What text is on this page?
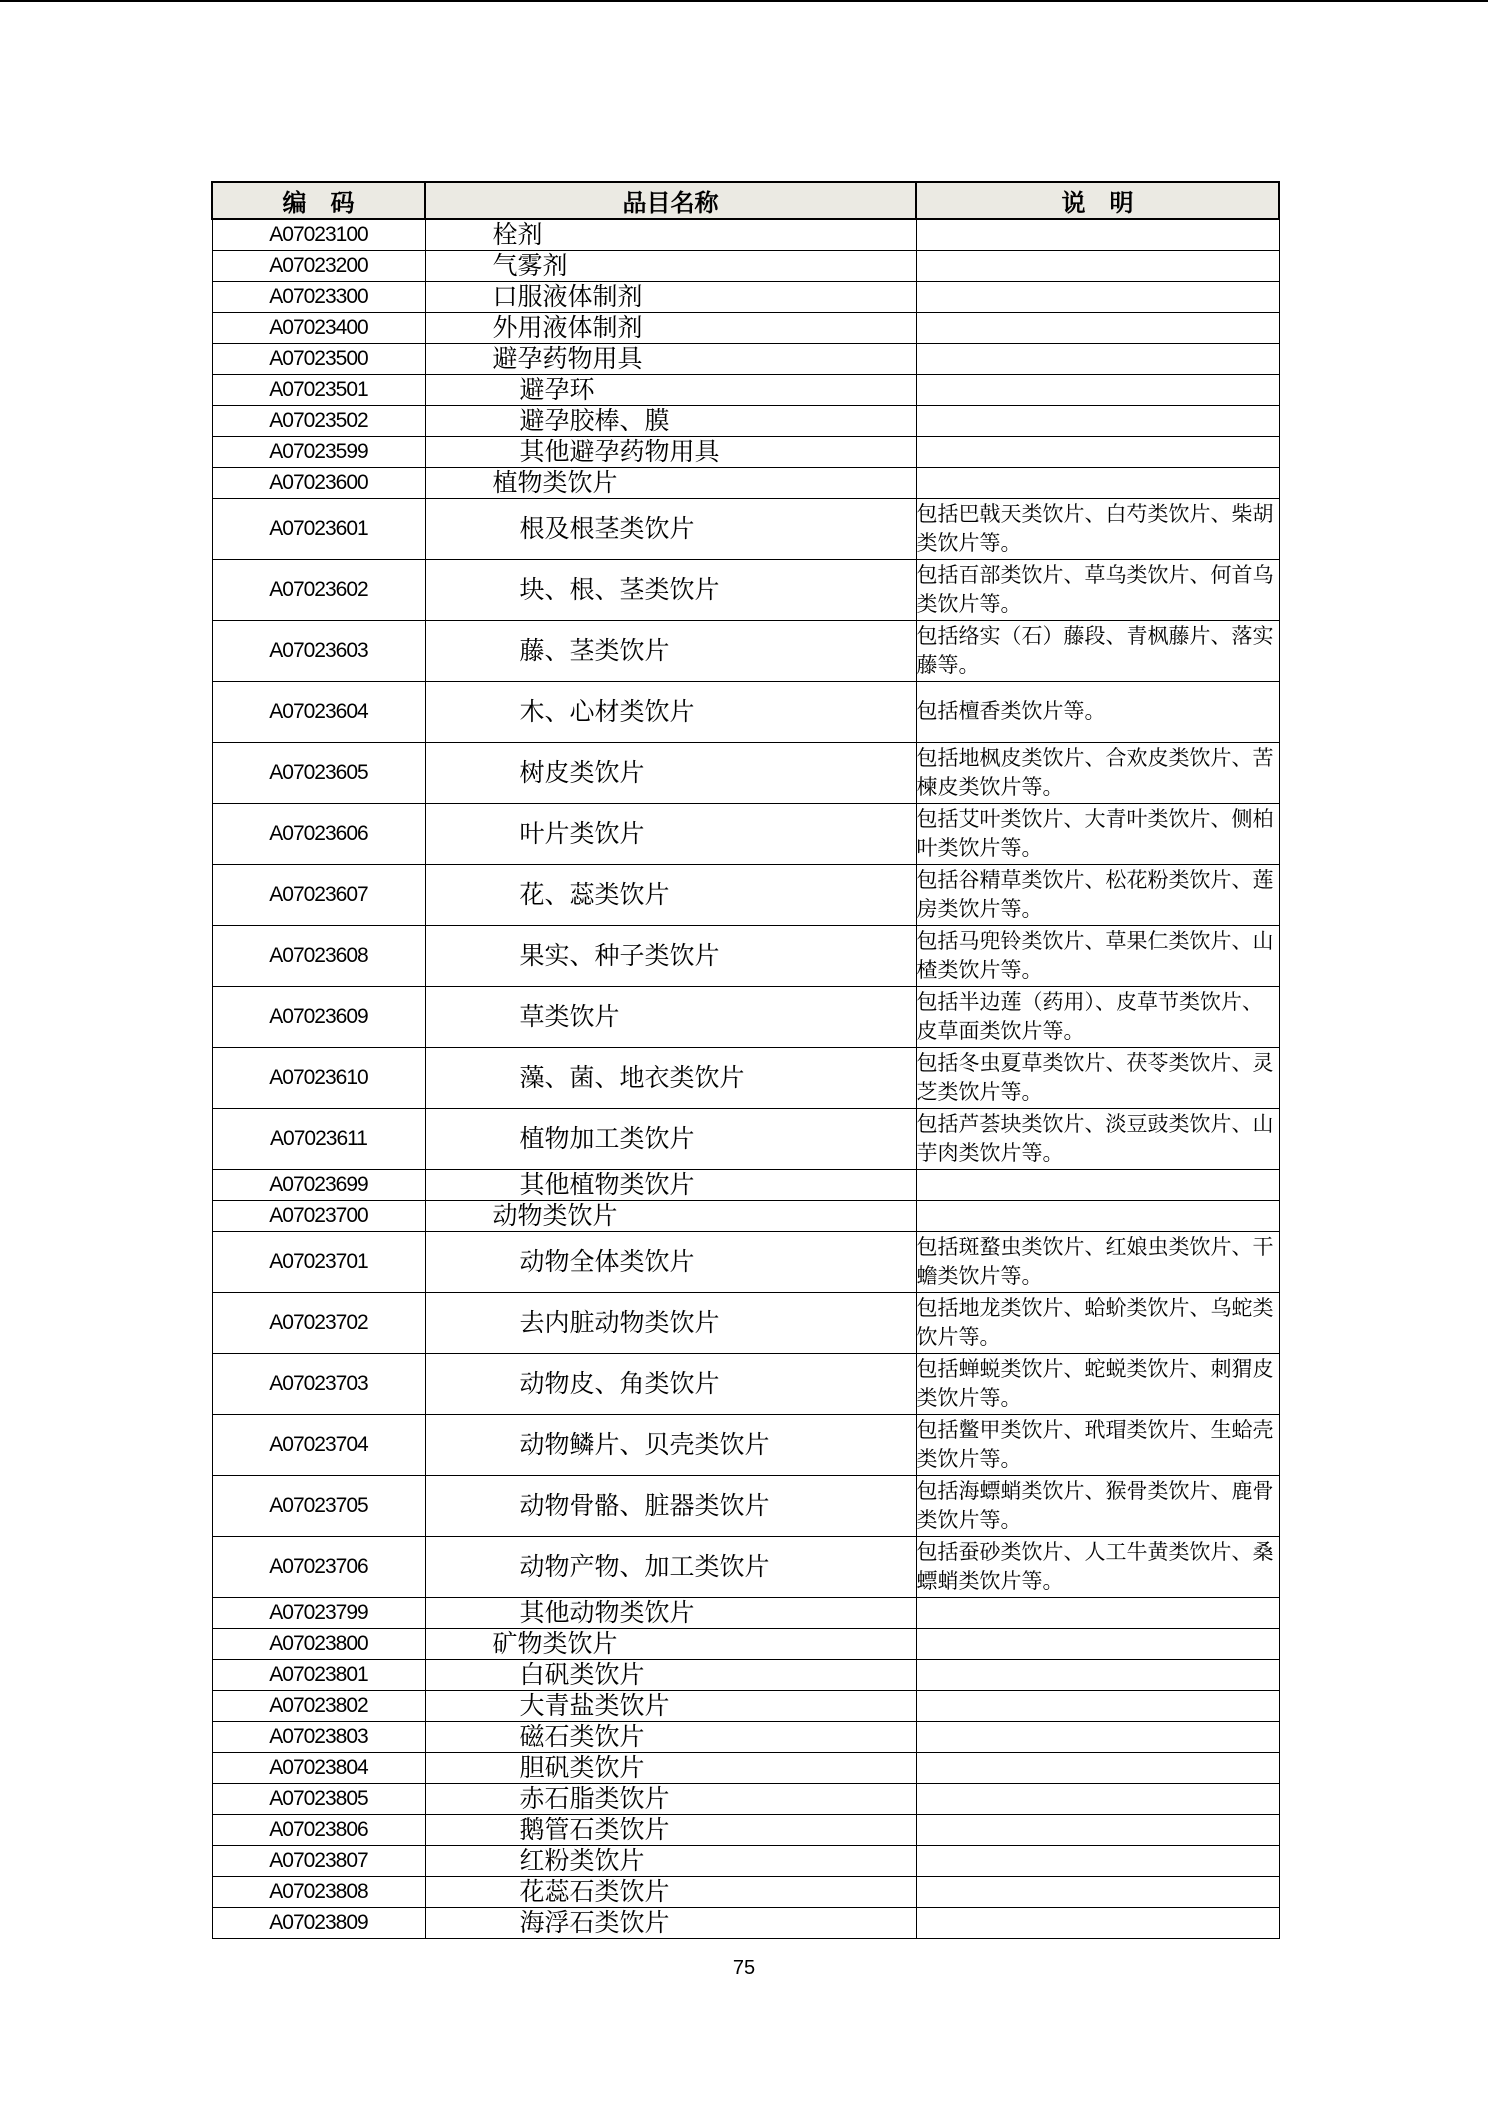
编　码	品目名称	说　明
A07023100	栓剂	
A07023200	气雾剂	
A07023300	口服液体制剂	
A07023400	外用液体制剂	
A07023500	避孕药物用具	
A07023501	避孕环	
A07023502	避孕胶棒、膜	
A07023599	其他避孕药物用具	
A07023600	植物类饮片	
A07023601	根及根茎类饮片	包括巴戟天类饮片、白芍类饮片、柴胡类饮片等。
A07023602	块、根、茎类饮片	包括百部类饮片、草乌类饮片、何首乌类饮片等。
A07023603	藤、茎类饮片	包括络实（石）藤段、青枫藤片、落实藤等。
A07023604	木、心材类饮片	包括檀香类饮片等。
A07023605	树皮类饮片	包括地枫皮类饮片、合欢皮类饮片、苦楝皮类饮片等。
A07023606	叶片类饮片	包括艾叶类饮片、大青叶类饮片、侧柏叶类饮片等。
A07023607	花、蕊类饮片	包括谷精草类饮片、松花粉类饮片、莲房类饮片等。
A07023608	果实、种子类饮片	包括马兜铃类饮片、草果仁类饮片、山楂类饮片等。
A07023609	草类饮片	包括半边莲（药用）、皮草节类饮片、皮草面类饮片等。
A07023610	藻、菌、地衣类饮片	包括冬虫夏草类饮片、茯苓类饮片、灵芝类饮片等。
A07023611	植物加工类饮片	包括芦荟块类饮片、淡豆豉类饮片、山芋肉类饮片等。
A07023699	其他植物类饮片	
A07023700	动物类饮片	
A07023701	动物全体类饮片	包括斑蝥虫类饮片、红娘虫类饮片、干蟾类饮片等。
A07023702	去内脏动物类饮片	包括地龙类饮片、蛤蚧类饮片、乌蛇类饮片等。
A07023703	动物皮、角类饮片	包括蝉蜕类饮片、蛇蜕类饮片、刺猬皮类饮片等。
A07023704	动物鳞片、贝壳类饮片	包括鳖甲类饮片、玳瑁类饮片、生蛤壳类饮片等。
A07023705	动物骨骼、脏器类饮片	包括海螵蛸类饮片、猴骨类饮片、鹿骨类饮片等。
A07023706	动物产物、加工类饮片	包括蚕砂类饮片、人工牛黄类饮片、桑螵蛸类饮片等。
A07023799	其他动物类饮片	
A07023800	矿物类饮片	
A07023801	白矾类饮片	
A07023802	大青盐类饮片	
A07023803	磁石类饮片	
A07023804	胆矾类饮片	
A07023805	赤石脂类饮片	
A07023806	鹅管石类饮片	
A07023807	红粉类饮片	
A07023808	花蕊石类饮片	
A07023809	海浮石类饮片	
75
